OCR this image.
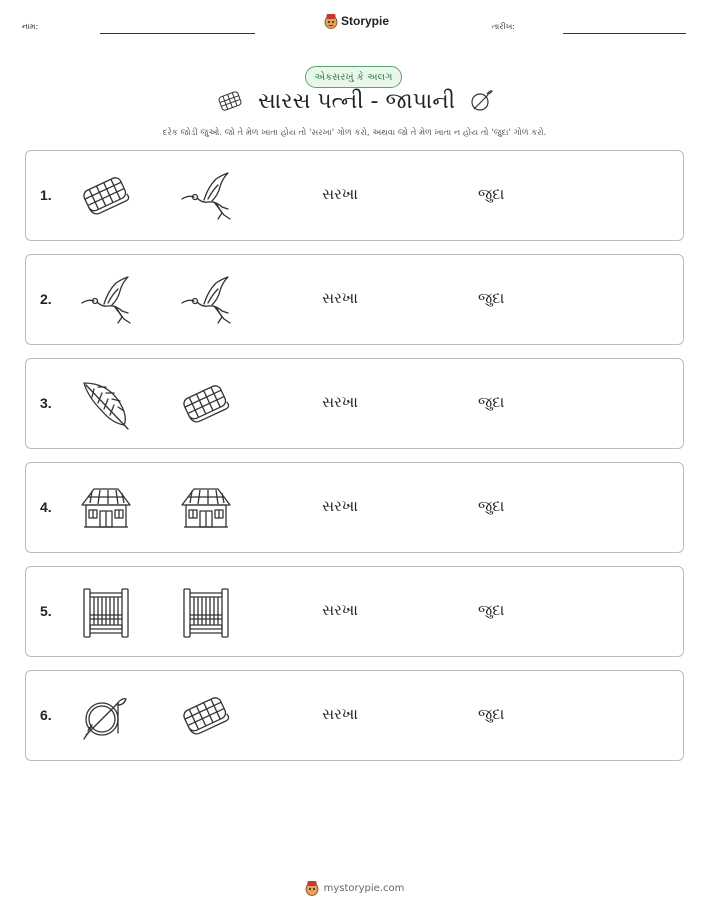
નામ:	Storypie	તારીખ:
એકસરખું કે અલગ
સારસ પત્ની - જાપાની
દરેક જોડી જુઓ. જો તે મેળ ખાતા હોય તો 'સરખા' ગોળ કરો, અથવા જો તે મેળ ખાતા ન હોય તો 'જુદા' ગોળ કરો.
1.	સરખા	જુદા
2.	સરખા	જુદા
3.	સરખા	જુદા
4.	સરખા	જુદા
5.	સરખા	જુદા
6.	સરખા	જુદા
mystorypie.com
